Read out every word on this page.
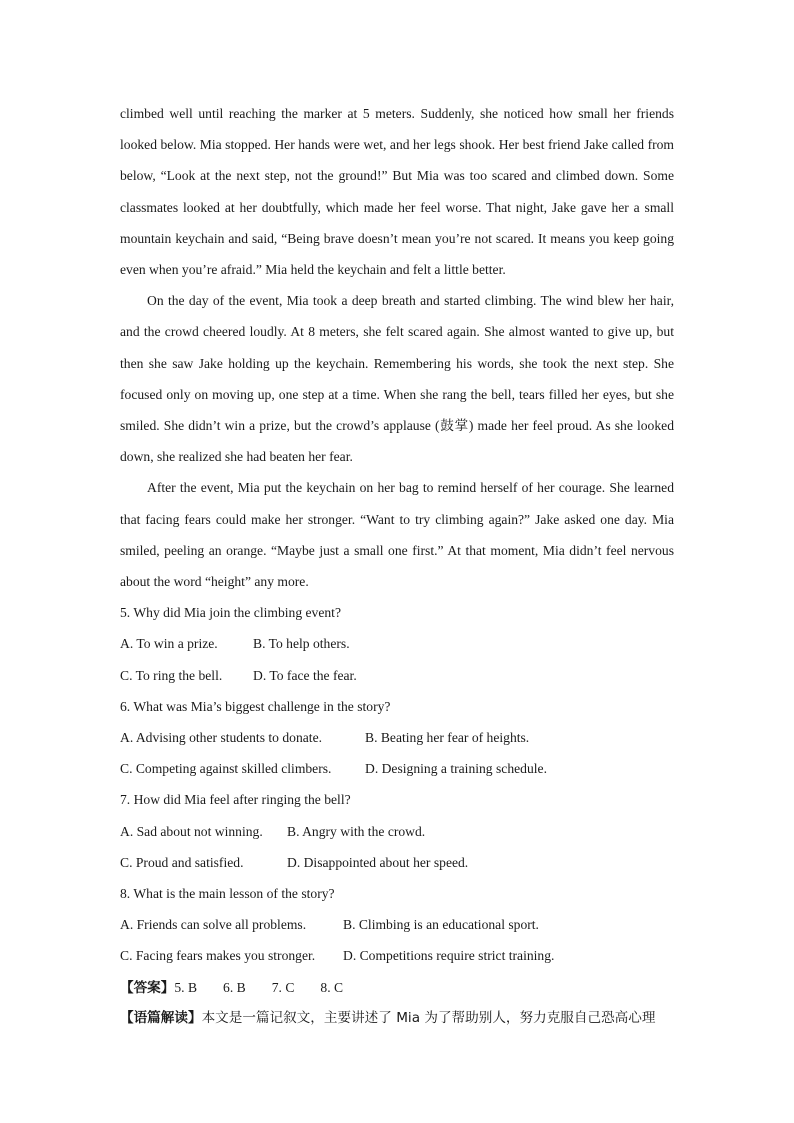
climbed well until reaching the marker at 5 meters. Suddenly, she noticed how small her friends looked below. Mia stopped. Her hands were wet, and her legs shook. Her best friend Jake called from below, “Look at the next step, not the ground!” But Mia was too scared and climbed down. Some classmates looked at her doubtfully, which made her feel worse. That night, Jake gave her a small mountain keychain and said, “Being brave doesn’t mean you’re not scared. It means you keep going even when you’re afraid.” Mia held the keychain and felt a little better.

On the day of the event, Mia took a deep breath and started climbing. The wind blew her hair, and the crowd cheered loudly. At 8 meters, she felt scared again. She almost wanted to give up, but then she saw Jake holding up the keychain. Remembering his words, she took the next step. She focused only on moving up, one step at a time. When she rang the bell, tears filled her eyes, but she smiled. She didn’t win a prize, but the crowd’s applause (鼓掌) made her feel proud. As she looked down, she realized she had beaten her fear.

After the event, Mia put the keychain on her bag to remind herself of her courage. She learned that facing fears could make her stronger. “Want to try climbing again?” Jake asked one day. Mia smiled, peeling an orange. “Maybe just a small one first.” At that moment, Mia didn’t feel nervous about the word “height” any more.

5. Why did Mia join the climbing event?

A. To win a prize.	B. To help others.

C. To ring the bell.	D. To face the fear.

6. What was Mia’s biggest challenge in the story?

A. Advising other students to donate.	B. Beating her fear of heights.

C. Competing against skilled climbers.	D. Designing a training schedule.

7. How did Mia feel after ringing the bell?

A. Sad about not winning.	B. Angry with the crowd.

C. Proud and satisfied.	D. Disappointed about her speed.

8. What is the main lesson of the story?

A. Friends can solve all problems.	B. Climbing is an educational sport.

C. Facing fears makes you stronger.	D. Competitions require strict training.

【答案】5. B 6. B 7. C 8. C

【语篇解读】本文是一篇记叙文，主要讲述了 Mia 为了帮助别人，努力克服自己恐高心理
